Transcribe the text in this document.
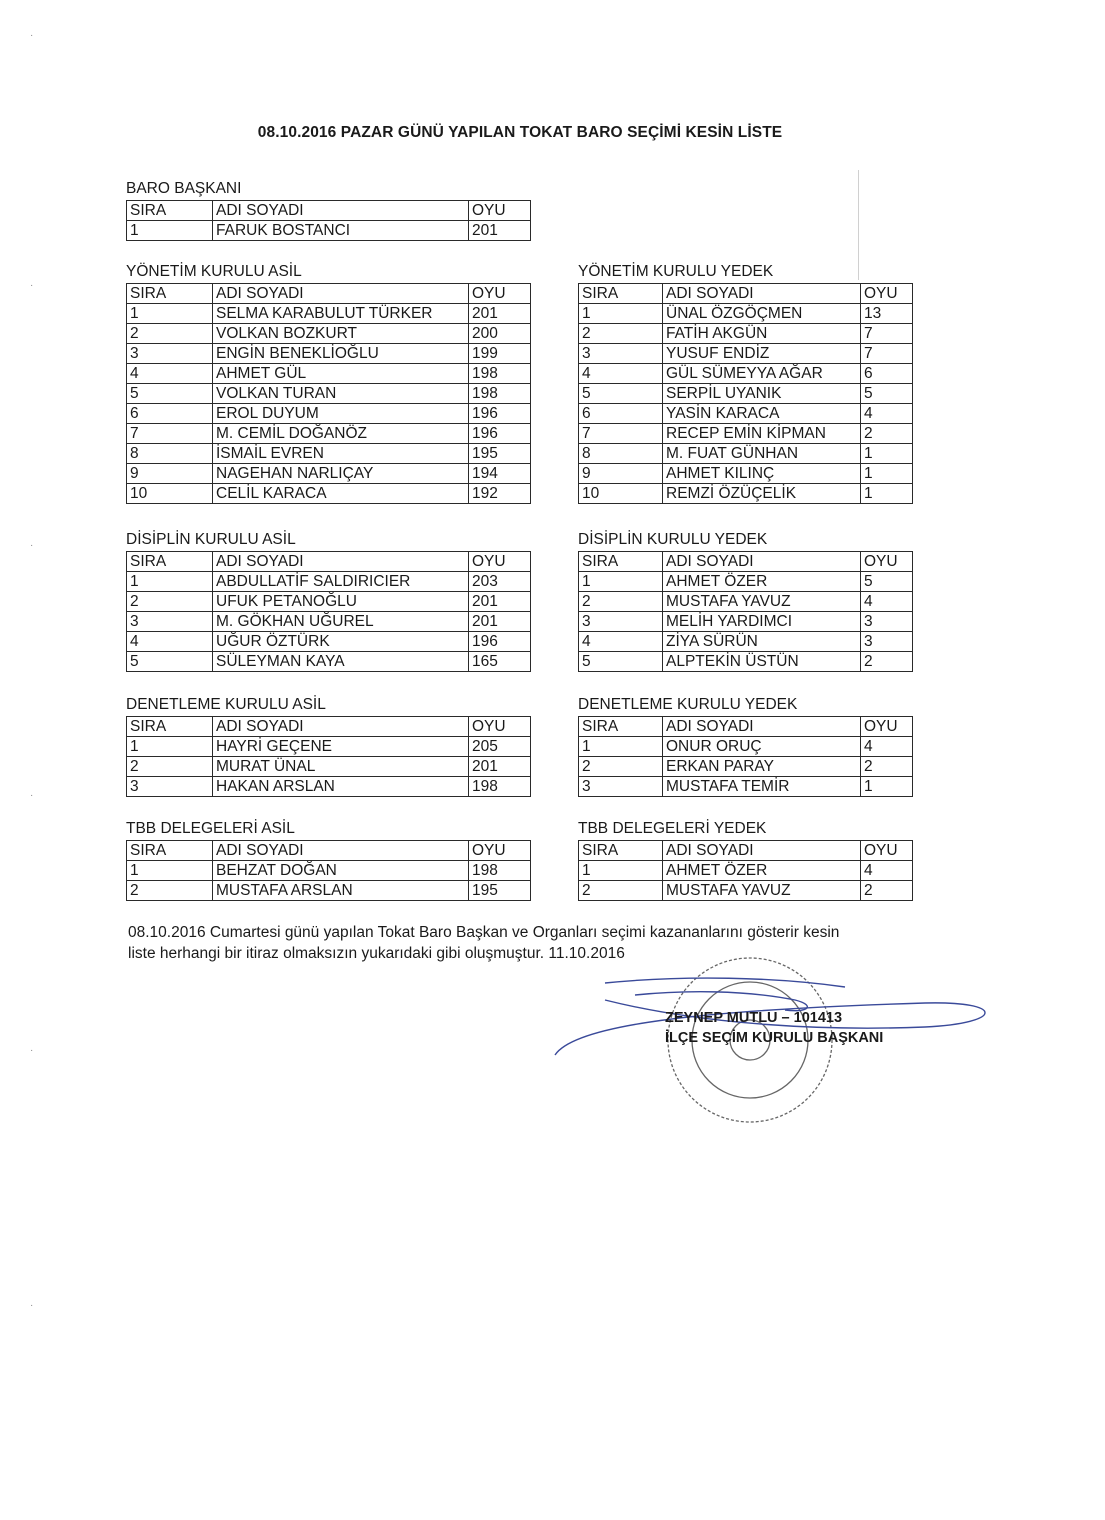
08.10.2016 PAZAR GÜNÜ YAPILAN TOKAT BARO SEÇİMİ KESİN LİSTE
BARO BAŞKANI
SIRA	ADI SOYADI	OYU
1	FARUK BOSTANCI	201
YÖNETİM KURULU ASİL
SIRA	ADI SOYADI	OYU
1	SELMA KARABULUT TÜRKER	201
2	VOLKAN BOZKURT	200
3	ENGİN BENEKLİOĞLU	199
4	AHMET GÜL	198
5	VOLKAN TURAN	198
6	EROL DUYUM	196
7	M. CEMİL DOĞANÖZ	196
8	İSMAİL EVREN	195
9	NAGEHAN NARLIÇAY	194
10	CELİL KARACA	192
YÖNETİM KURULU YEDEK
SIRA	ADI SOYADI	OYU
1	ÜNAL ÖZGÖÇMEN	13
2	FATİH AKGÜN	7
3	YUSUF ENDİZ	7
4	GÜL SÜMEYYA AĞAR	6
5	SERPİL UYANIK	5
6	YASİN KARACA	4
7	RECEP EMİN KİPMAN	2
8	M. FUAT GÜNHAN	1
9	AHMET KILINÇ	1
10	REMZİ ÖZÜÇELİK	1
DİSİPLİN KURULU ASİL
SIRA	ADI SOYADI	OYU
1	ABDULLATİF SALDIRICIER	203
2	UFUK PETANOĞLU	201
3	M. GÖKHAN UĞUREL	201
4	UĞUR ÖZTÜRK	196
5	SÜLEYMAN KAYA	165
DİSİPLİN KURULU YEDEK
SIRA	ADI SOYADI	OYU
1	AHMET ÖZER	5
2	MUSTAFA YAVUZ	4
3	MELİH YARDIMCI	3
4	ZİYA SÜRÜN	3
5	ALPTEKİN ÜSTÜN	2
DENETLEME KURULU ASİL
SIRA	ADI SOYADI	OYU
1	HAYRİ GEÇENE	205
2	MURAT ÜNAL	201
3	HAKAN ARSLAN	198
DENETLEME KURULU YEDEK
SIRA	ADI SOYADI	OYU
1	ONUR ORUÇ	4
2	ERKAN PARAY	2
3	MUSTAFA TEMİR	1
TBB DELEGELERİ ASİL
SIRA	ADI SOYADI	OYU
1	BEHZAT DOĞAN	198
2	MUSTAFA ARSLAN	195
TBB DELEGELERİ YEDEK
SIRA	ADI SOYADI	OYU
1	AHMET ÖZER	4
2	MUSTAFA YAVUZ	2
08.10.2016 Cumartesi günü yapılan Tokat Baro Başkan ve Organları seçimi kazananlarını gösterir kesin
liste herhangi bir itiraz olmaksızın yukarıdaki gibi oluşmuştur. 11.10.2016
ZEYNEP MUTLU – 101413
İLÇE SEÇİM KURULU BAŞKANI
·
·
·
·
·
·
